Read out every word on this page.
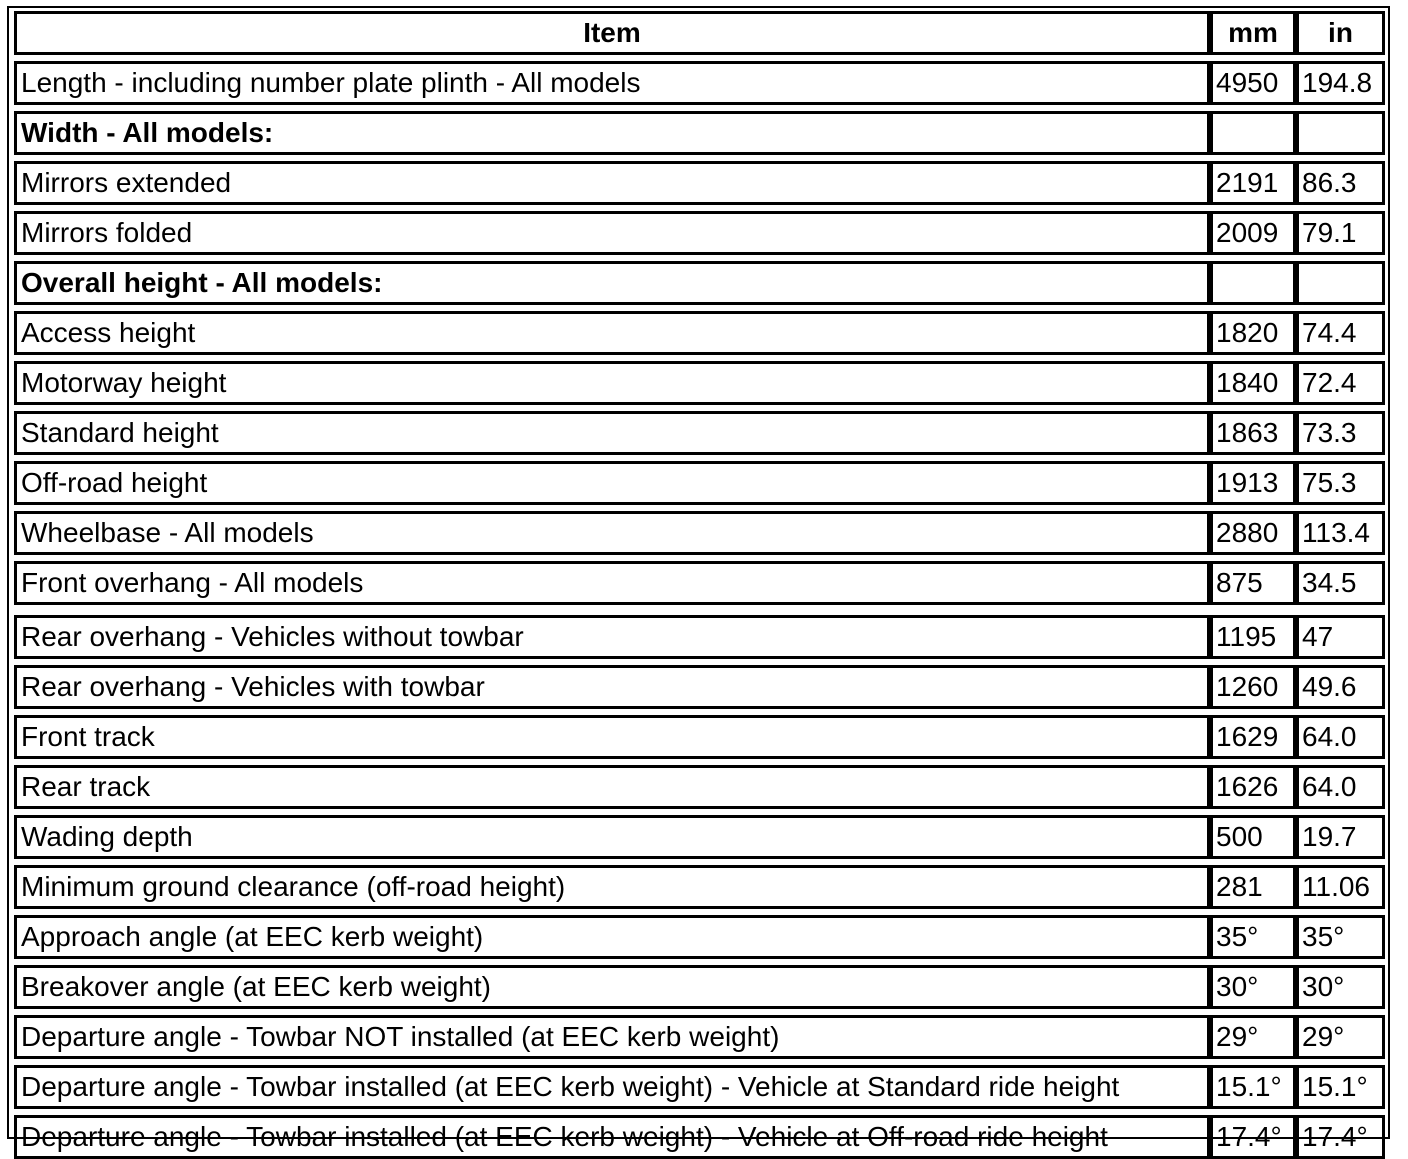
Item	mm	in

Length - including number plate plinth - All models	4950	194.8

Width - All models:		

Mirrors extended	2191	86.3

Mirrors folded	2009	79.1

Overall height - All models:		

Access height	1820	74.4

Motorway height	1840	72.4

Standard height	1863	73.3

Off-road height	1913	75.3

Wheelbase - All models	2880	113.4

Front overhang - All models	875	34.5

Rear overhang - Vehicles without towbar	1195	47

Rear overhang - Vehicles with towbar	1260	49.6

Front track	1629	64.0

Rear track	1626	64.0

Wading depth	500	19.7

Minimum ground clearance (off-road height)	281	11.06

Approach angle (at EEC kerb weight)	35°	35°

Breakover angle (at EEC kerb weight)	30°	30°

Departure angle - Towbar NOT installed (at EEC kerb weight)	29°	29°

Departure angle - Towbar installed (at EEC kerb weight) - Vehicle at Standard ride height	15.1°	15.1°

Departure angle - Towbar installed (at EEC kerb weight) - Vehicle at Off-road ride height	17.4°	17.4°
